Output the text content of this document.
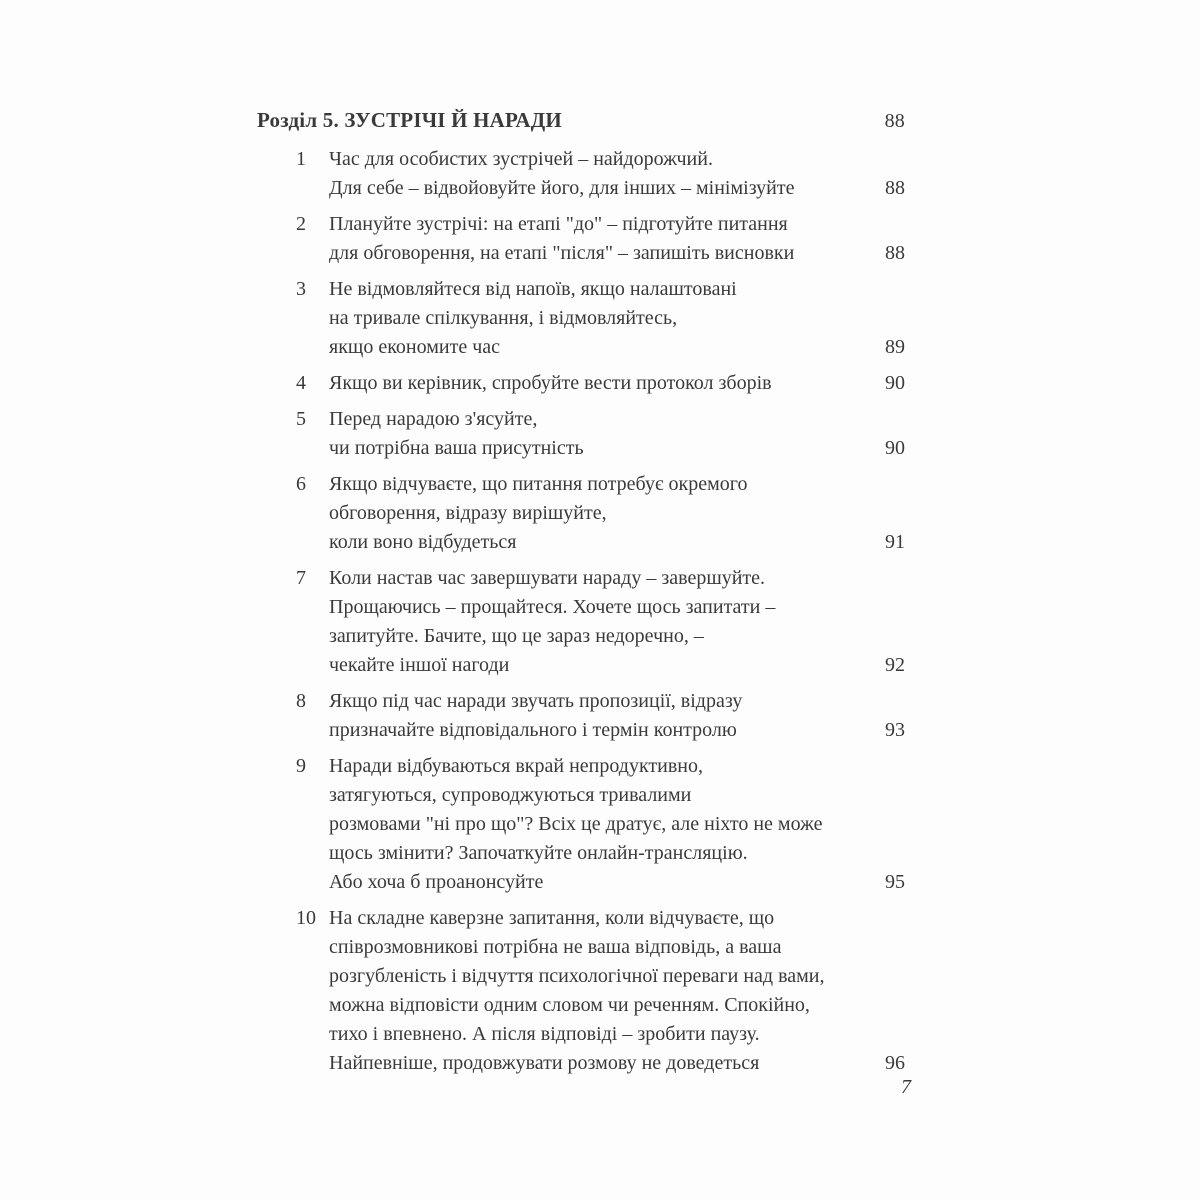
Розділ 5. ЗУСТРІЧІ Й НАРАДИ	88
1	Час для особистих зустрічей – найдорожчий.
Для себе – відвойовуйте його, для інших – мінімізуйте	88
2	Плануйте зустрічі: на етапі "до" – підготуйте питання
для обговорення, на етапі "після" – запишіть висновки	88
3	Не відмовляйтеся від напоїв, якщо налаштовані
на тривале спілкування, і відмовляйтесь,
якщо економите час	89
4	Якщо ви керівник, спробуйте вести протокол зборів	90
5	Перед нарадою з'ясуйте,
чи потрібна ваша присутність	90
6	Якщо відчуваєте, що питання потребує окремого
обговорення, відразу вирішуйте,
коли воно відбудеться	91
7	Коли настав час завершувати нараду – завершуйте.
Прощаючись – прощайтеся. Хочете щось запитати –
запитуйте. Бачите, що це зараз недоречно, –
чекайте іншої нагоди	92
8	Якщо під час наради звучать пропозиції, відразу
призначайте відповідального і термін контролю	93
9	Наради відбуваються вкрай непродуктивно,
затягуються, супроводжуються тривалими
розмовами "ні про що"? Всіх це дратує, але ніхто не може
щось змінити? Започаткуйте онлайн-трансляцію.
Або хоча б проанонсуйте	95
10 На складне каверзне запитання, коли відчуваєте, що
співрозмовникові потрібна не ваша відповідь, а ваша
розгубленість і відчуття психологічної переваги над вами,
можна відповісти одним словом чи реченням. Спокійно,
тихо і впевнено. А після відповіді – зробити паузу.
Найпевніше, продовжувати розмову не доведеться	96
7
